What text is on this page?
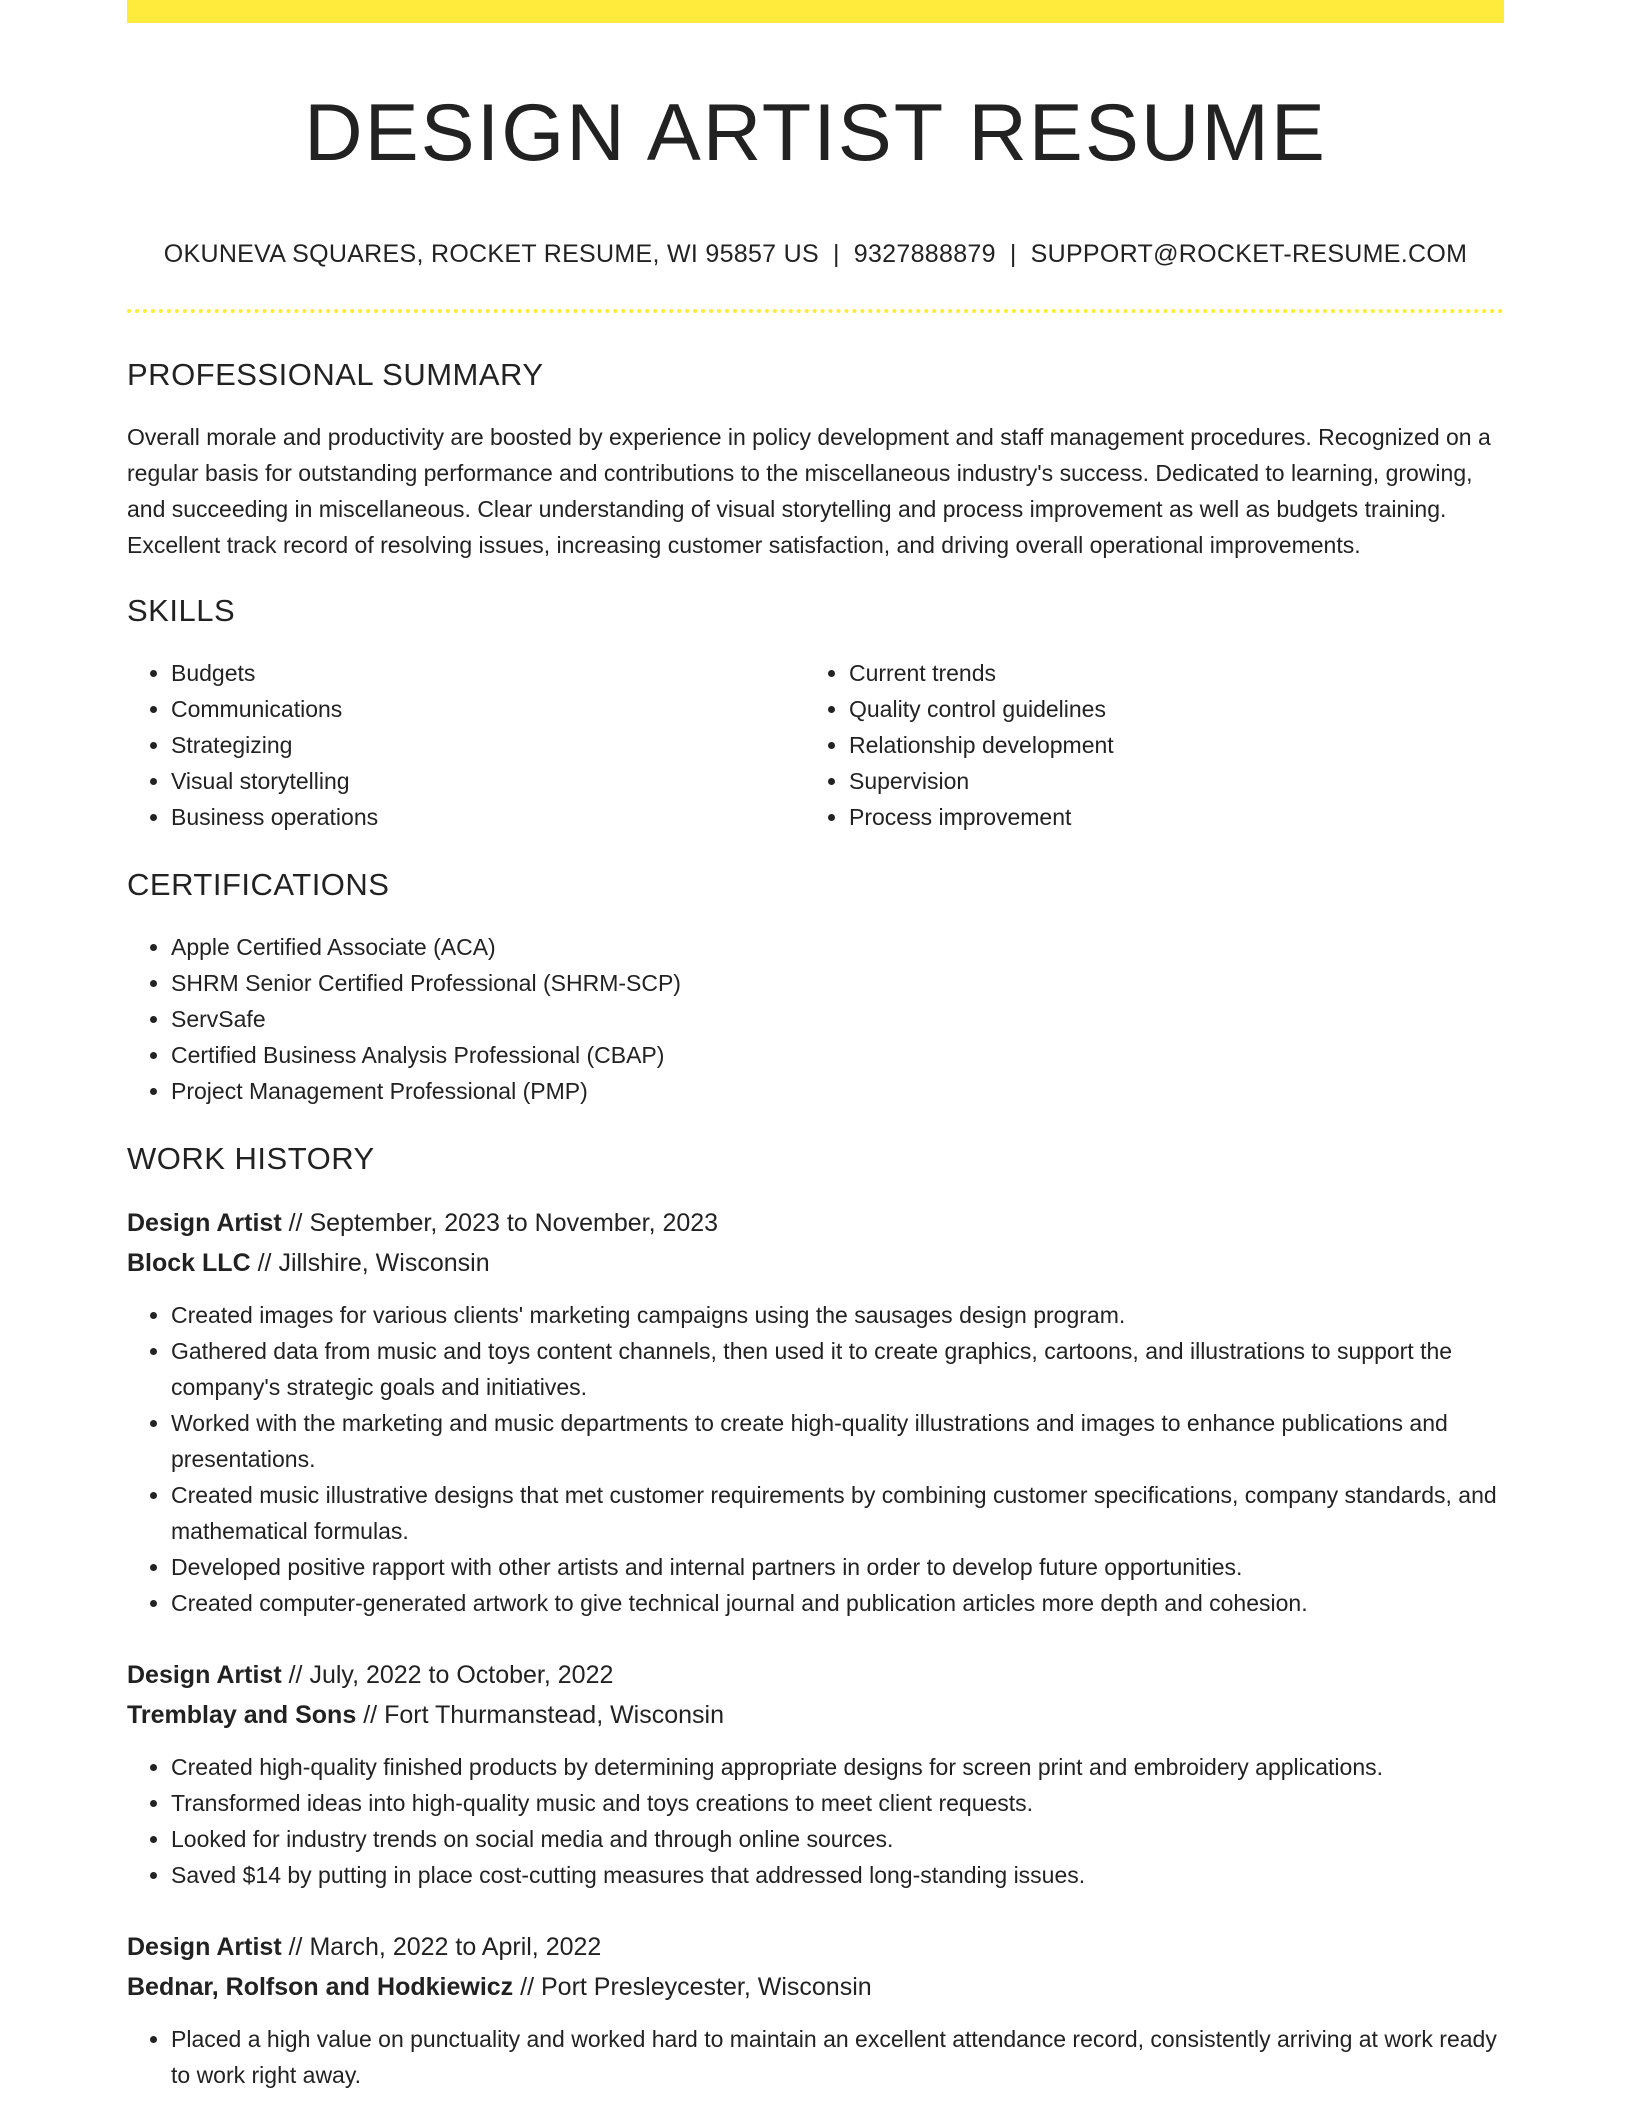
DESIGN ARTIST RESUME
OKUNEVA SQUARES, ROCKET RESUME, WI 95857 US | 9327888879 | SUPPORT@ROCKET-RESUME.COM
PROFESSIONAL SUMMARY
Overall morale and productivity are boosted by experience in policy development and staff management procedures. Recognized on a regular basis for outstanding performance and contributions to the miscellaneous industry's success. Dedicated to learning, growing, and succeeding in miscellaneous. Clear understanding of visual storytelling and process improvement as well as budgets training. Excellent track record of resolving issues, increasing customer satisfaction, and driving overall operational improvements.
SKILLS
• Budgets
• Communications
• Strategizing
• Visual storytelling
• Business operations
• Current trends
• Quality control guidelines
• Relationship development
• Supervision
• Process improvement
CERTIFICATIONS
• Apple Certified Associate (ACA)
• SHRM Senior Certified Professional (SHRM-SCP)
• ServSafe
• Certified Business Analysis Professional (CBAP)
• Project Management Professional (PMP)
WORK HISTORY
Design Artist // September, 2023 to November, 2023
Block LLC // Jillshire, Wisconsin
• Created images for various clients' marketing campaigns using the sausages design program.
• Gathered data from music and toys content channels, then used it to create graphics, cartoons, and illustrations to support the company's strategic goals and initiatives.
• Worked with the marketing and music departments to create high-quality illustrations and images to enhance publications and presentations.
• Created music illustrative designs that met customer requirements by combining customer specifications, company standards, and mathematical formulas.
• Developed positive rapport with other artists and internal partners in order to develop future opportunities.
• Created computer-generated artwork to give technical journal and publication articles more depth and cohesion.
Design Artist // July, 2022 to October, 2022
Tremblay and Sons // Fort Thurmanstead, Wisconsin
• Created high-quality finished products by determining appropriate designs for screen print and embroidery applications.
• Transformed ideas into high-quality music and toys creations to meet client requests.
• Looked for industry trends on social media and through online sources.
• Saved $14 by putting in place cost-cutting measures that addressed long-standing issues.
Design Artist // March, 2022 to April, 2022
Bednar, Rolfson and Hodkiewicz // Port Presleycester, Wisconsin
• Placed a high value on punctuality and worked hard to maintain an excellent attendance record, consistently arriving at work ready to work right away.
